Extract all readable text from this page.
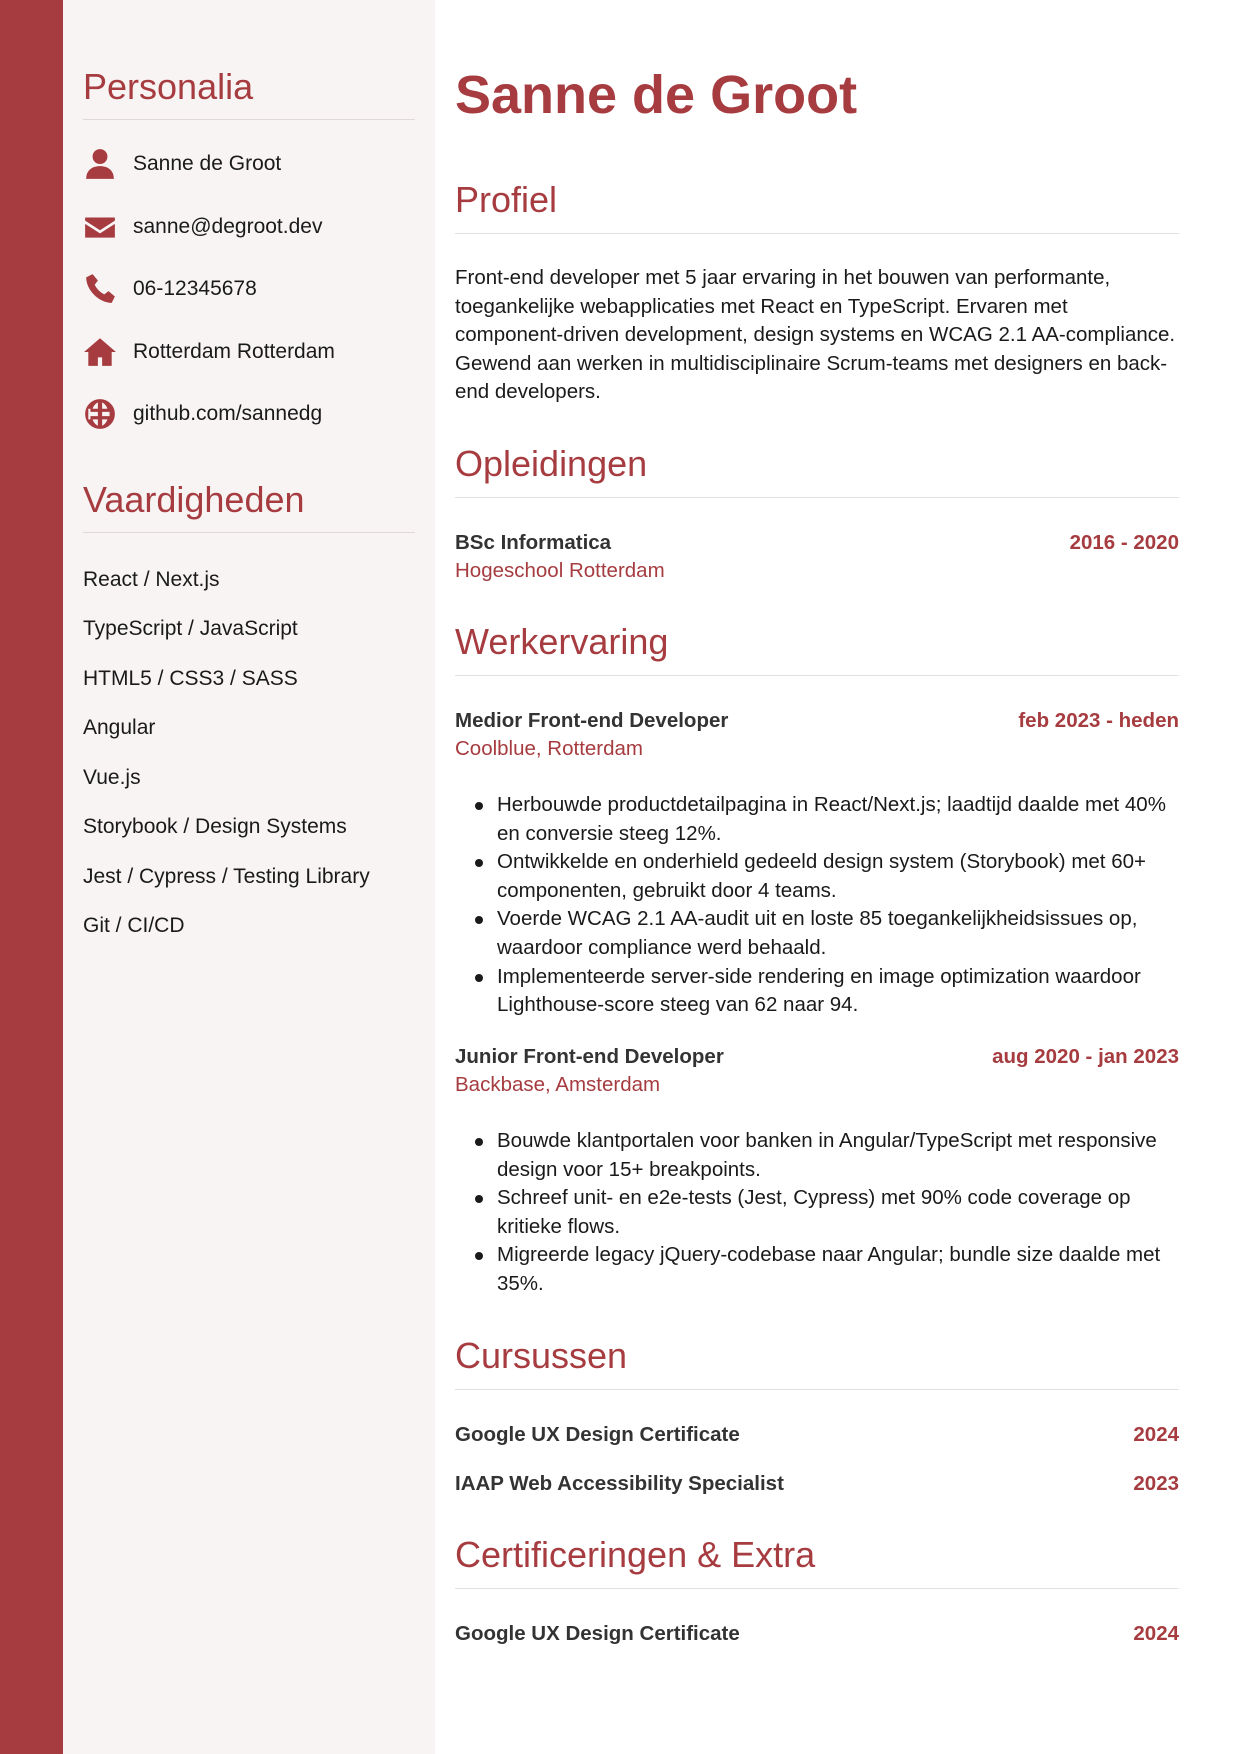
Personalia
Sanne de Groot
sanne@degroot.dev
06-12345678
Rotterdam Rotterdam
github.com/sannedg
Vaardigheden
React / Next.js
TypeScript / JavaScript
HTML5 / CSS3 / SASS
Angular
Vue.js
Storybook / Design Systems
Jest / Cypress / Testing Library
Git / CI/CD
Sanne de Groot
Profiel
Front-end developer met 5 jaar ervaring in het bouwen van performante, toegankelijke webapplicaties met React en TypeScript. Ervaren met component-driven development, design systems en WCAG 2.1 AA-compliance. Gewend aan werken in multidisciplinaire Scrum-teams met designers en back-end developers.
Opleidingen
BSc Informatica	2016 - 2020
Hogeschool Rotterdam
Werkervaring
Medior Front-end Developer	feb 2023 - heden
Coolblue, Rotterdam
Herbouwde productdetailpagina in React/Next.js; laadtijd daalde met 40% en conversie steeg 12%.
Ontwikkelde en onderhield gedeeld design system (Storybook) met 60+ componenten, gebruikt door 4 teams.
Voerde WCAG 2.1 AA-audit uit en loste 85 toegankelijkheidsissues op, waardoor compliance werd behaald.
Implementeerde server-side rendering en image optimization waardoor Lighthouse-score steeg van 62 naar 94.
Junior Front-end Developer	aug 2020 - jan 2023
Backbase, Amsterdam
Bouwde klantportalen voor banken in Angular/TypeScript met responsive design voor 15+ breakpoints.
Schreef unit- en e2e-tests (Jest, Cypress) met 90% code coverage op kritieke flows.
Migreerde legacy jQuery-codebase naar Angular; bundle size daalde met 35%.
Cursussen
Google UX Design Certificate	2024
IAAP Web Accessibility Specialist	2023
Certificeringen & Extra
Google UX Design Certificate	2024
